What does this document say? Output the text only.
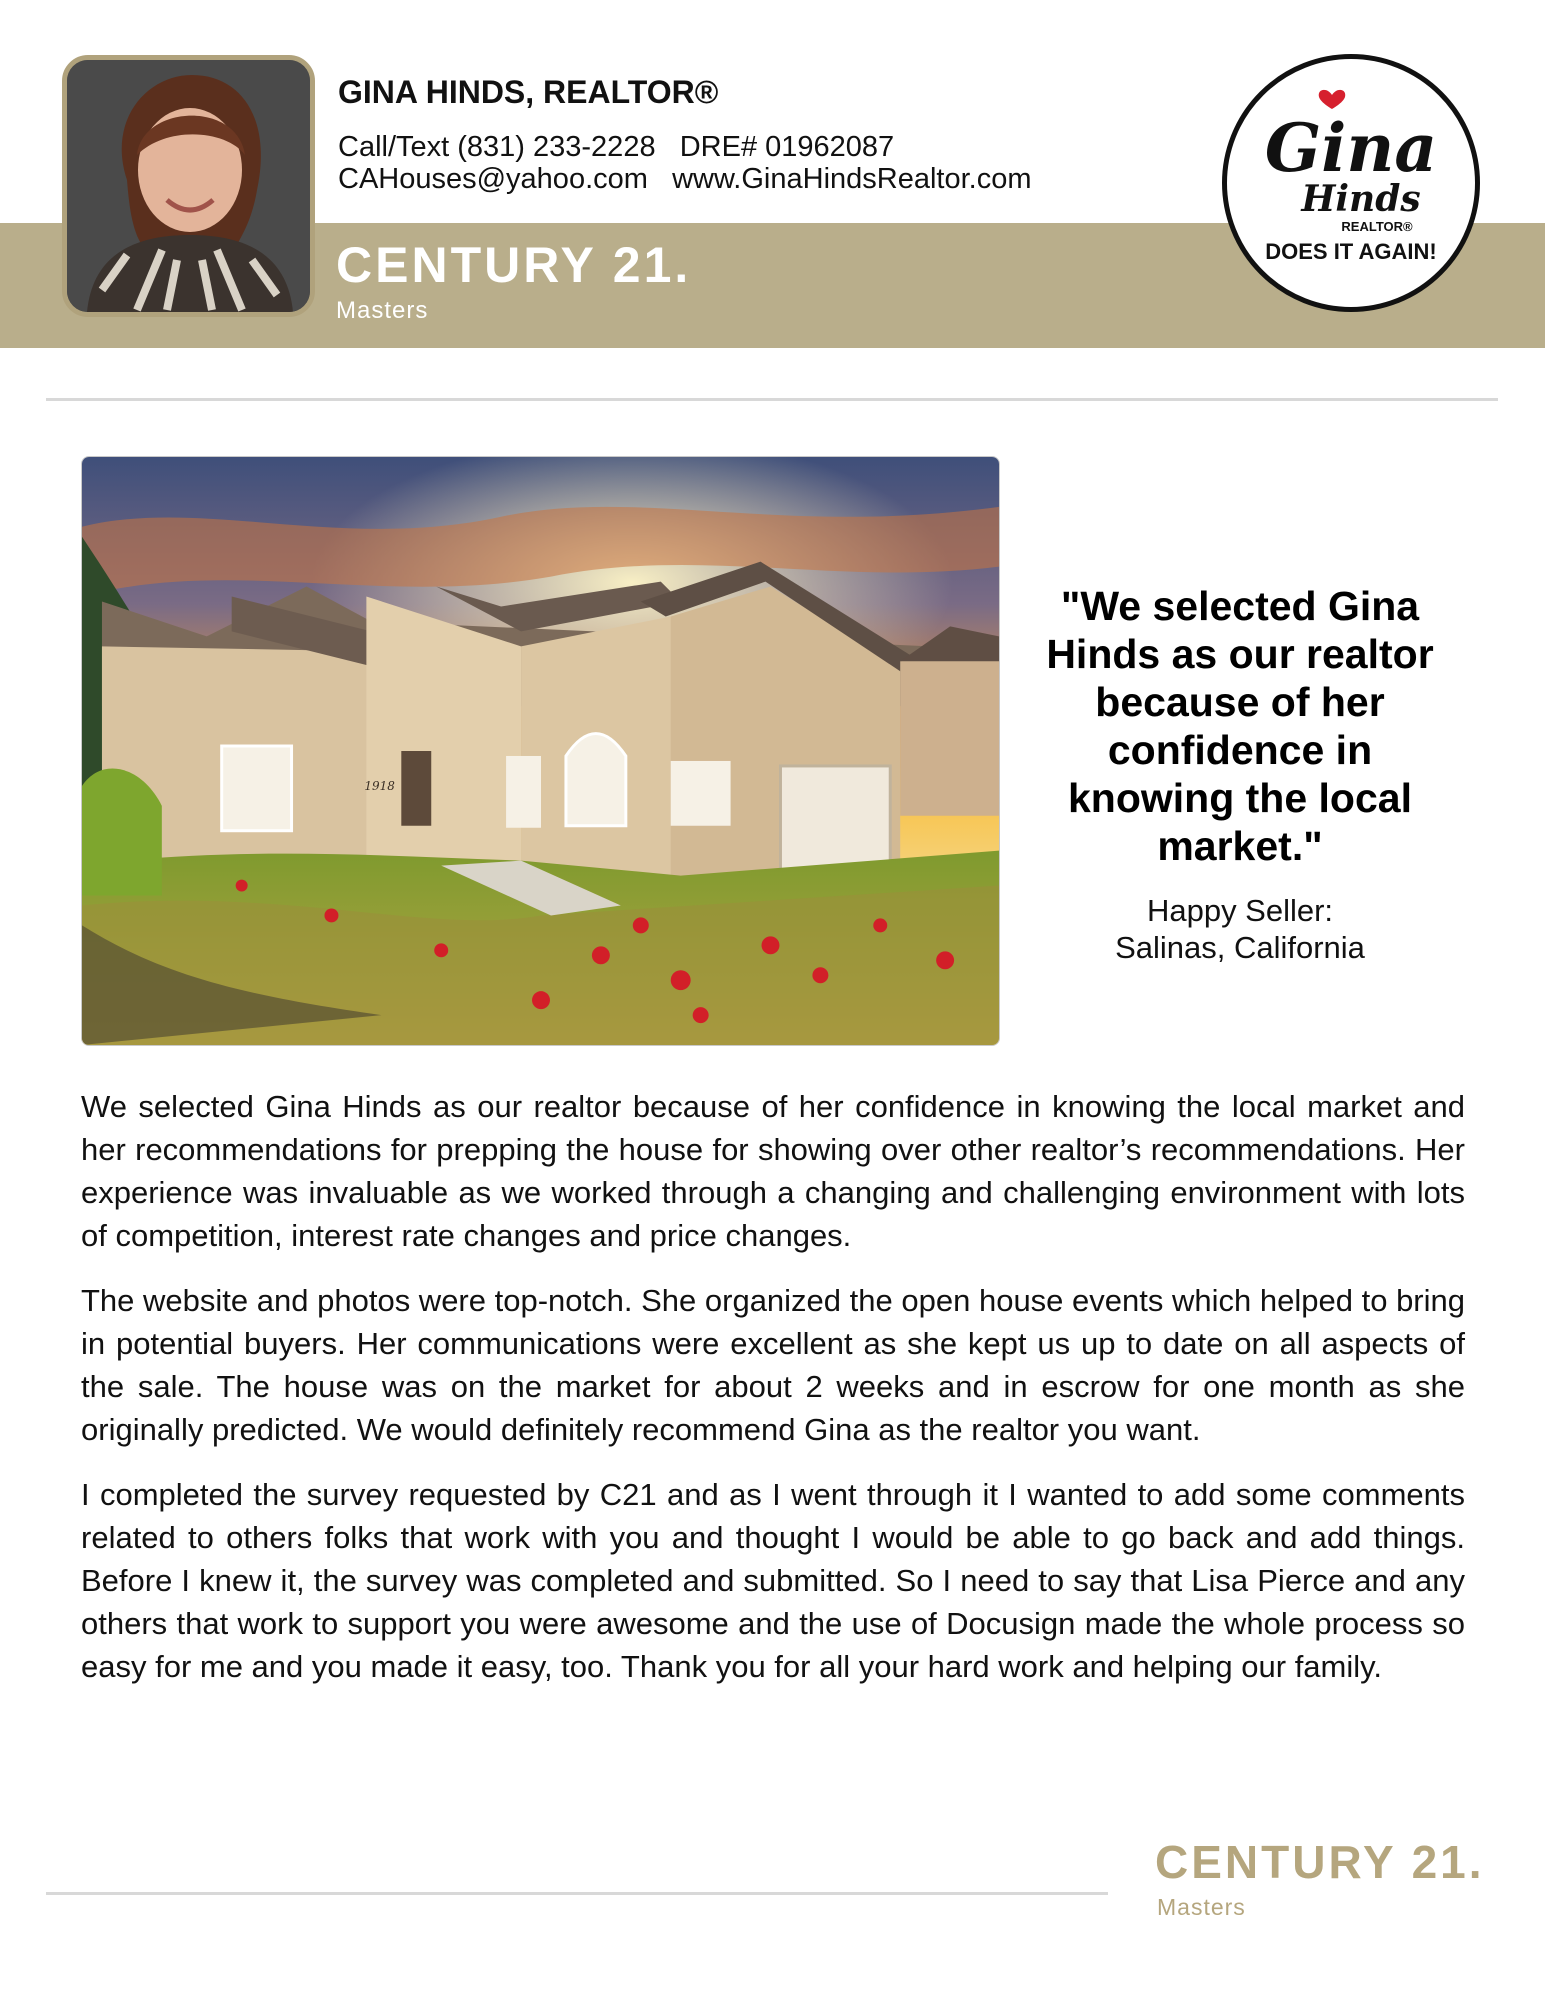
GINA HINDS, REALTOR®
Call/Text (831) 233-2228   DRE# 01962087
CAHouses@yahoo.com   www.GinaHindsRealtor.com
CENTURY 21.
Masters
Gina
Hinds
REALTOR®
DOES IT AGAIN!
1918
"We selected Gina Hinds as our realtor because of her confidence in knowing the local market."
Happy Seller:
Salinas, California

We selected Gina Hinds as our realtor because of her confidence in knowing the local market and her recommendations for prepping the house for showing over other realtor’s recommendations. Her experience was invaluable as we worked through a changing and challenging environment with lots of competition, interest rate changes and price changes.

The website and photos were top-notch. She organized the open house events which helped to bring in potential buyers. Her communications were excellent as she kept us up to date on all aspects of the sale. The house was on the market for about 2 weeks and in escrow for one month as she originally predicted. We would definitely recommend Gina as the realtor you want.

I completed the survey requested by C21 and as I went through it I wanted to add some comments related to others folks that work with you and thought I would be able to go back and add things. Before I knew it, the survey was completed and submitted. So I need to say that Lisa Pierce and any others that work to support you were awesome and the use of Docusign made the whole process so easy for me and you made it easy, too. Thank you for all your hard work and helping our family.

CENTURY 21.
Masters
